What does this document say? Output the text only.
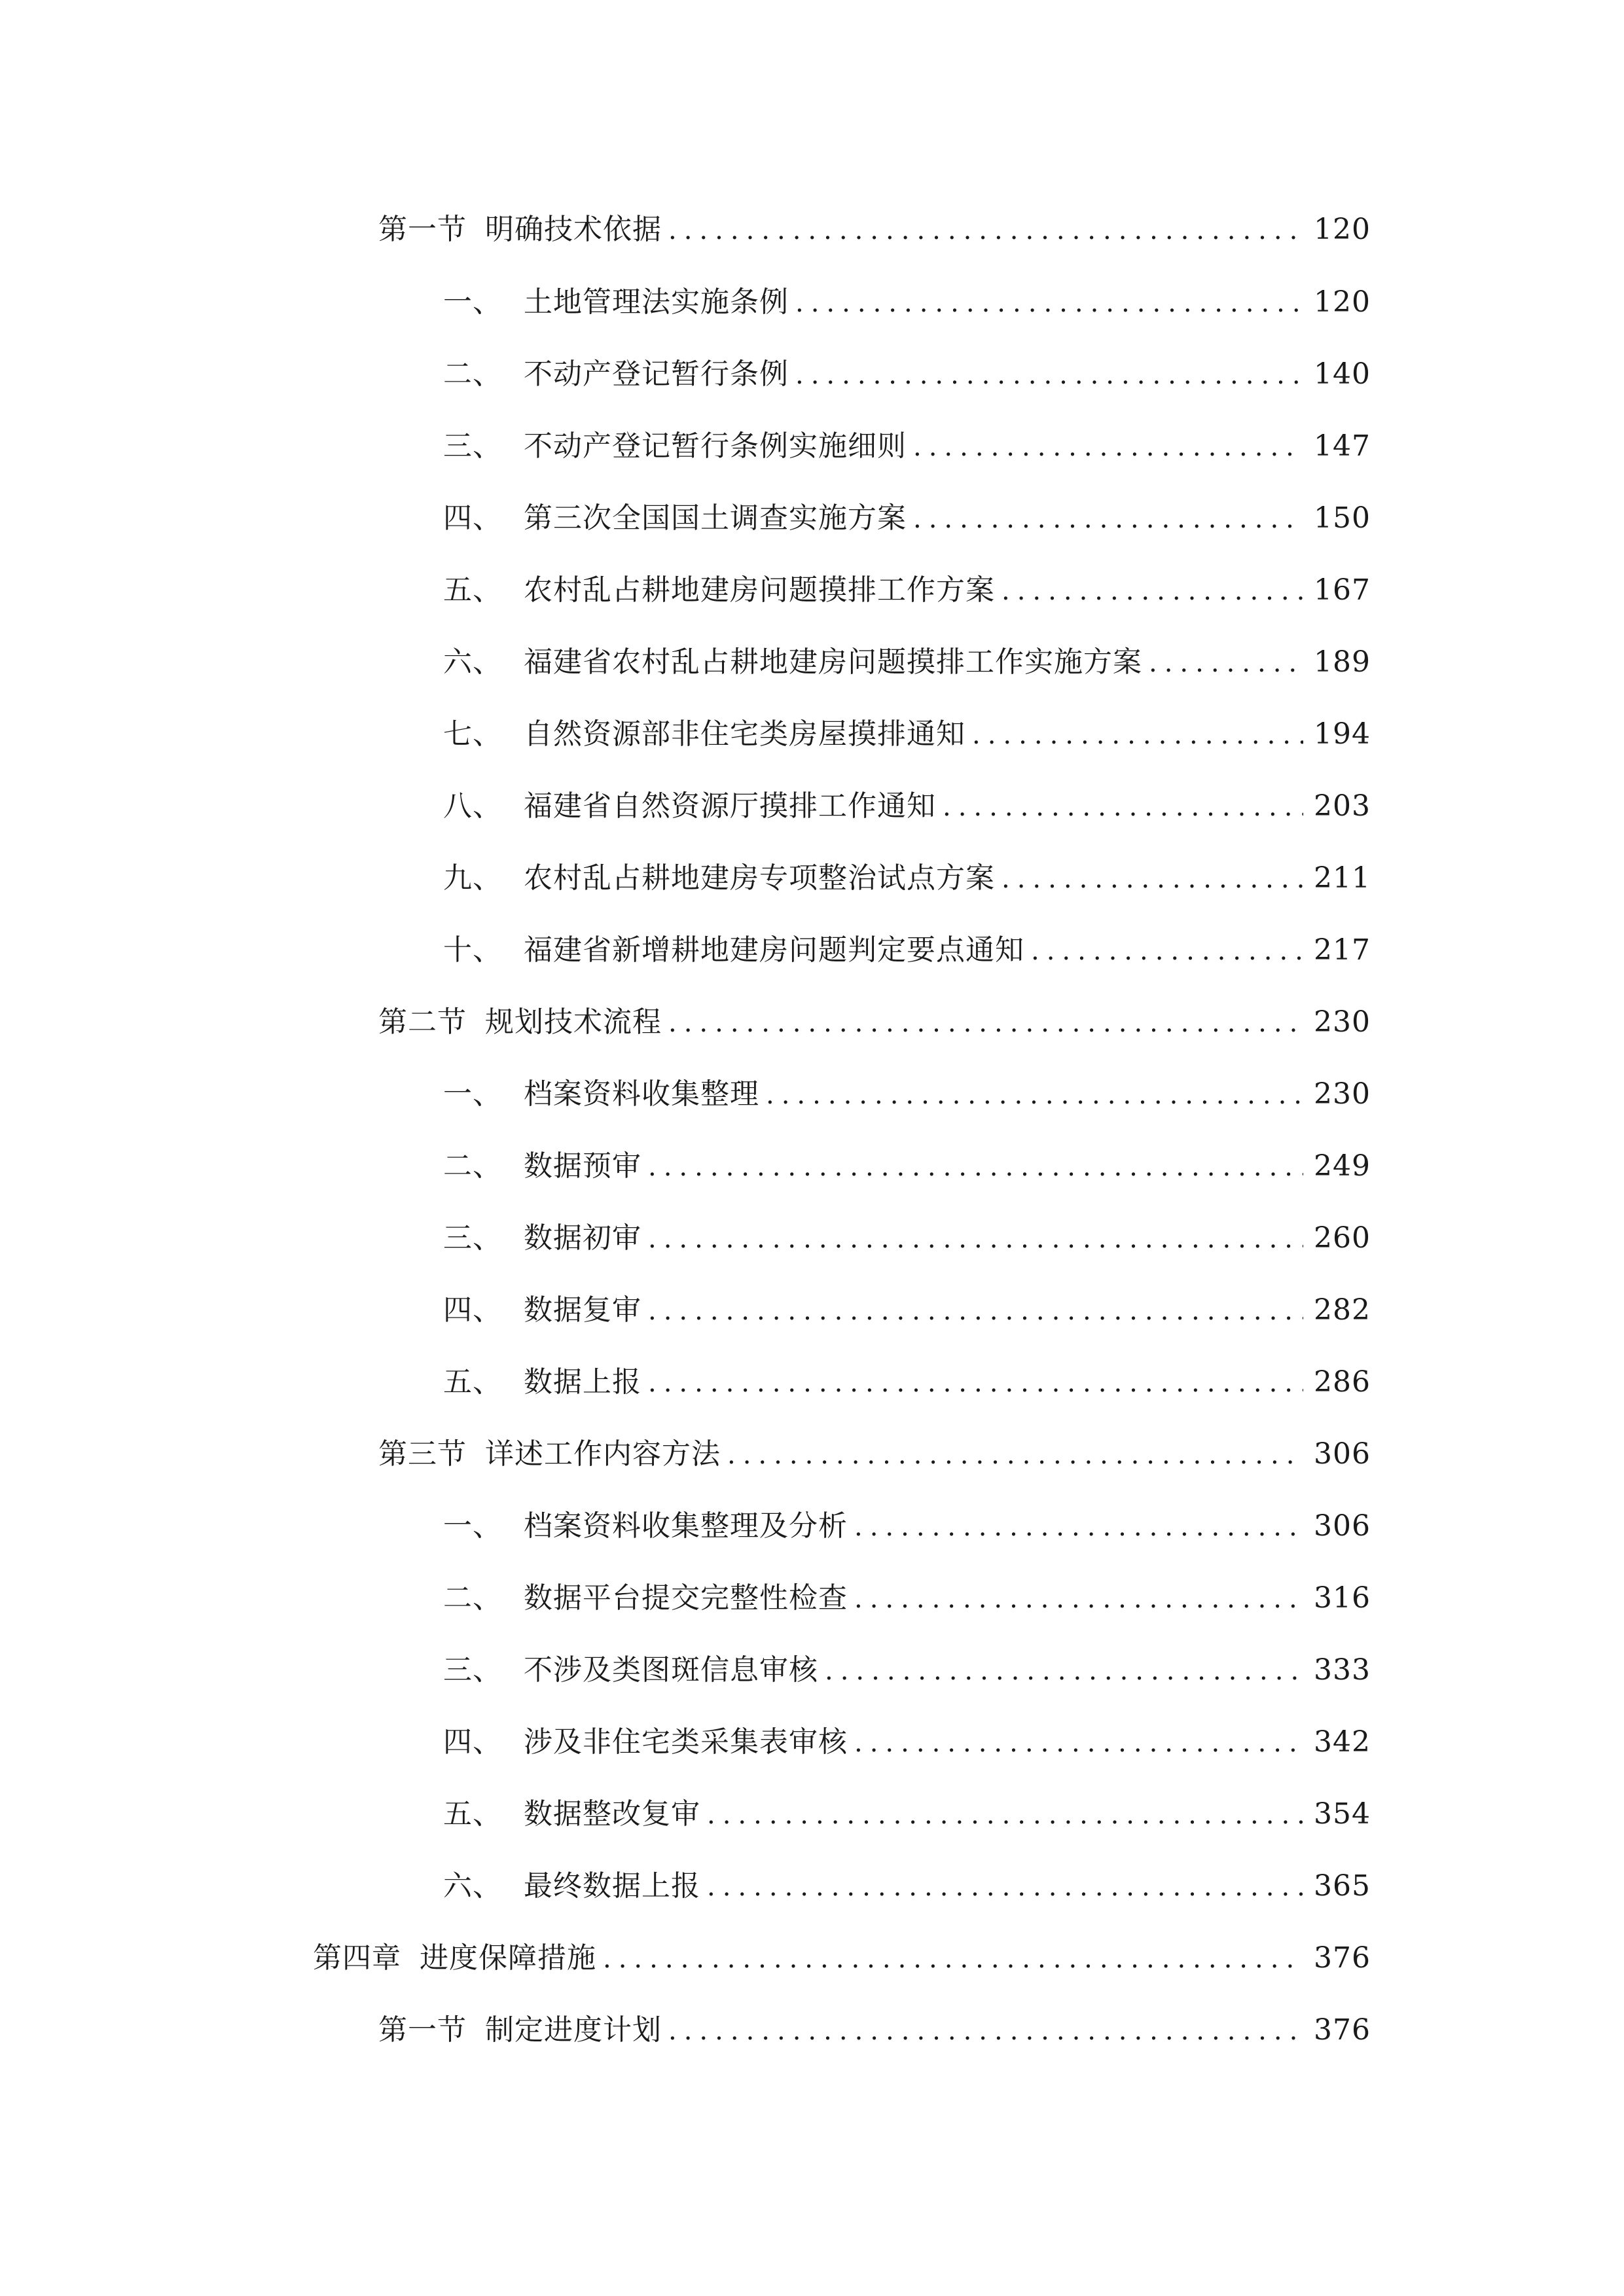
第一节 明确技术依据 .....	120
一、 土地管理法实施条例 .....	120
二、 不动产登记暂行条例 .....	140
三、 不动产登记暂行条例实施细则 .....	147
四、 第三次全国国土调查实施方案 .....	150
五、 农村乱占耕地建房问题摸排工作方案 .....	167
六、 福建省农村乱占耕地建房问题摸排工作实施方案 .....	189
七、 自然资源部非住宅类房屋摸排通知 .....	194
八、 福建省自然资源厅摸排工作通知 .....	203
九、 农村乱占耕地建房专项整治试点方案 .....	211
十、 福建省新增耕地建房问题判定要点通知 .....	217
第二节 规划技术流程 .....	230
一、 档案资料收集整理 .....	230
二、 数据预审 .....	249
三、 数据初审 .....	260
四、 数据复审 .....	282
五、 数据上报 .....	286
第三节 详述工作内容方法 .....	306
一、 档案资料收集整理及分析 .....	306
二、 数据平台提交完整性检查 .....	316
三、 不涉及类图斑信息审核 .....	333
四、 涉及非住宅类采集表审核 .....	342
五、 数据整改复审 .....	354
六、 最终数据上报 .....	365
第四章 进度保障措施 .....	376
第一节 制定进度计划 .....	376
